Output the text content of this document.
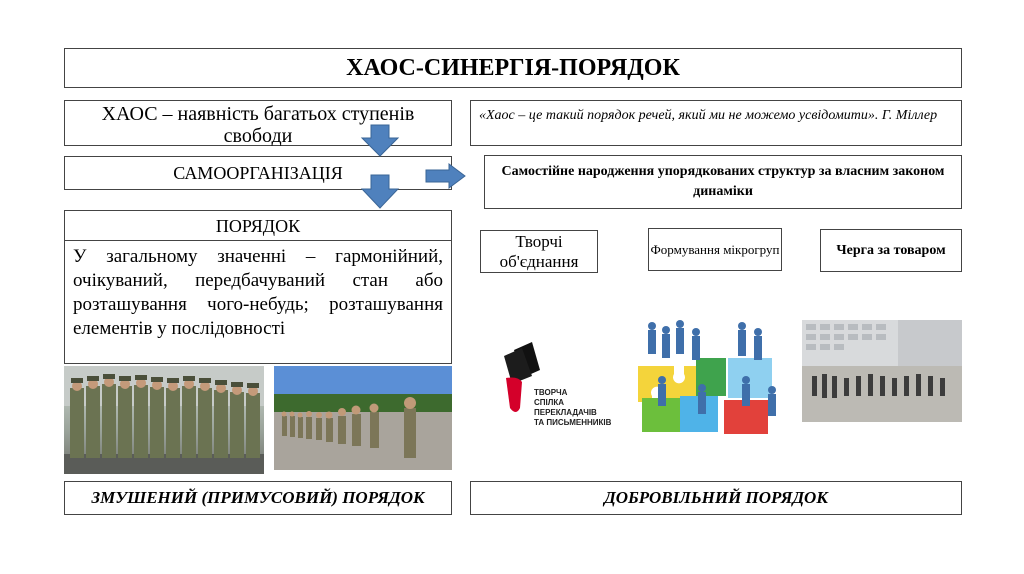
ХАОС-СИНЕРГІЯ-ПОРЯДОК
ХАОС – наявність багатьох ступенів свободи
САМООРГАНІЗАЦІЯ
ПОРЯДОК
У загальному значенні – гармонійний, очікуваний, передбачуваний стан або розташування чого-небудь; розташування елементів у послідовності
«Хаос – це такий порядок речей, який ми не можемо усвідомити». Г. Міллер
Самостійне народження упорядкованих структур за власним законом динаміки
Творчі об'єднання
Формування мікрогруп	Черга за товаром
ТВОРЧА
СПІЛКА
ПЕРЕКЛАДАЧІВ
ТА ПИСЬМЕННИКІВ
ЗМУШЕНИЙ (ПРИМУСОВИЙ) ПОРЯДОК	ДОБРОВІЛЬНИЙ ПОРЯДОК
